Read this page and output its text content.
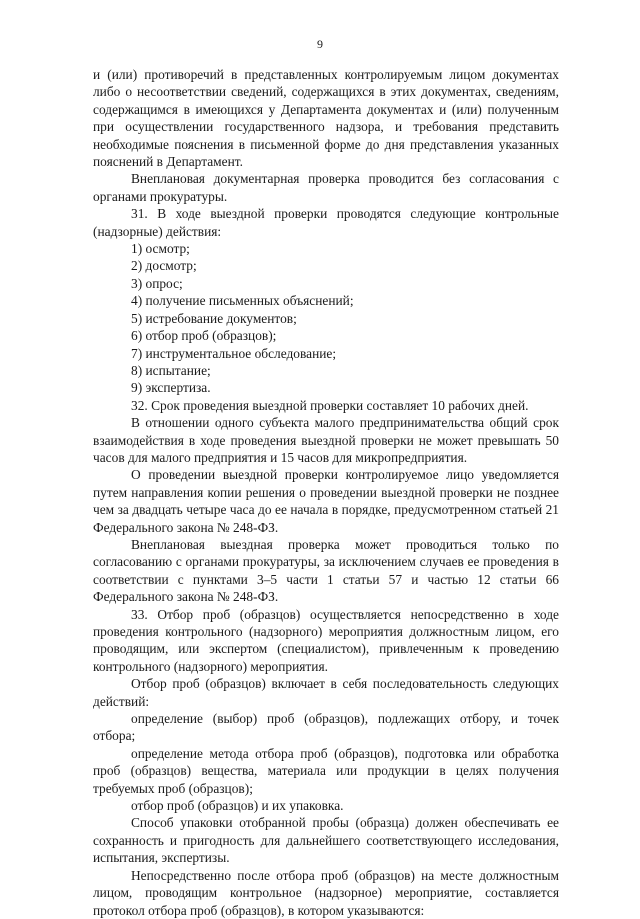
9

и (или) противоречий в представленных контролируемым лицом документах либо о несоответствии сведений, содержащихся в этих документах, сведениям, содержащимся в имеющихся у Департамента документах и (или) полученным при осуществлении государственного надзора, и требования представить необходимые пояснения в письменной форме до дня представления указанных пояснений в Департамент.

Внеплановая документарная проверка проводится без согласования с органами прокуратуры.

31. В ходе выездной проверки проводятся следующие контрольные (надзорные) действия:

1) осмотр;

2) досмотр;

3) опрос;

4) получение письменных объяснений;

5) истребование документов;

6) отбор проб (образцов);

7) инструментальное обследование;

8) испытание;

9) экспертиза.

32. Срок проведения выездной проверки составляет 10 рабочих дней.

В отношении одного субъекта малого предпринимательства общий срок взаимодействия в ходе проведения выездной проверки не может превышать 50 часов для малого предприятия и 15 часов для микропредприятия.

О проведении выездной проверки контролируемое лицо уведомляется путем направления копии решения о проведении выездной проверки не позднее чем за двадцать четыре часа до ее начала в порядке, предусмотренном статьей 21 Федерального закона № 248-ФЗ.

Внеплановая выездная проверка может проводиться только по согласованию с органами прокуратуры, за исключением случаев ее проведения в соответствии с пунктами 3–5 части 1 статьи 57 и частью 12 статьи 66 Федерального закона № 248-ФЗ.

33. Отбор проб (образцов) осуществляется непосредственно в ходе проведения контрольного (надзорного) мероприятия должностным лицом, его проводящим, или экспертом (специалистом), привлеченным к проведению контрольного (надзорного) мероприятия.

Отбор проб (образцов) включает в себя последовательность следующих действий:

определение (выбор) проб (образцов), подлежащих отбору, и точек отбора;

определение метода отбора проб (образцов), подготовка или обработка проб (образцов) вещества, материала или продукции в целях получения требуемых проб (образцов);

отбор проб (образцов) и их упаковка.

Способ упаковки отобранной пробы (образца) должен обеспечивать ее сохранность и пригодность для дальнейшего соответствующего исследования, испытания, экспертизы.

Непосредственно после отбора проб (образцов) на месте должностным лицом, проводящим контрольное (надзорное) мероприятие, составляется протокол отбора проб (образцов), в котором указываются:
